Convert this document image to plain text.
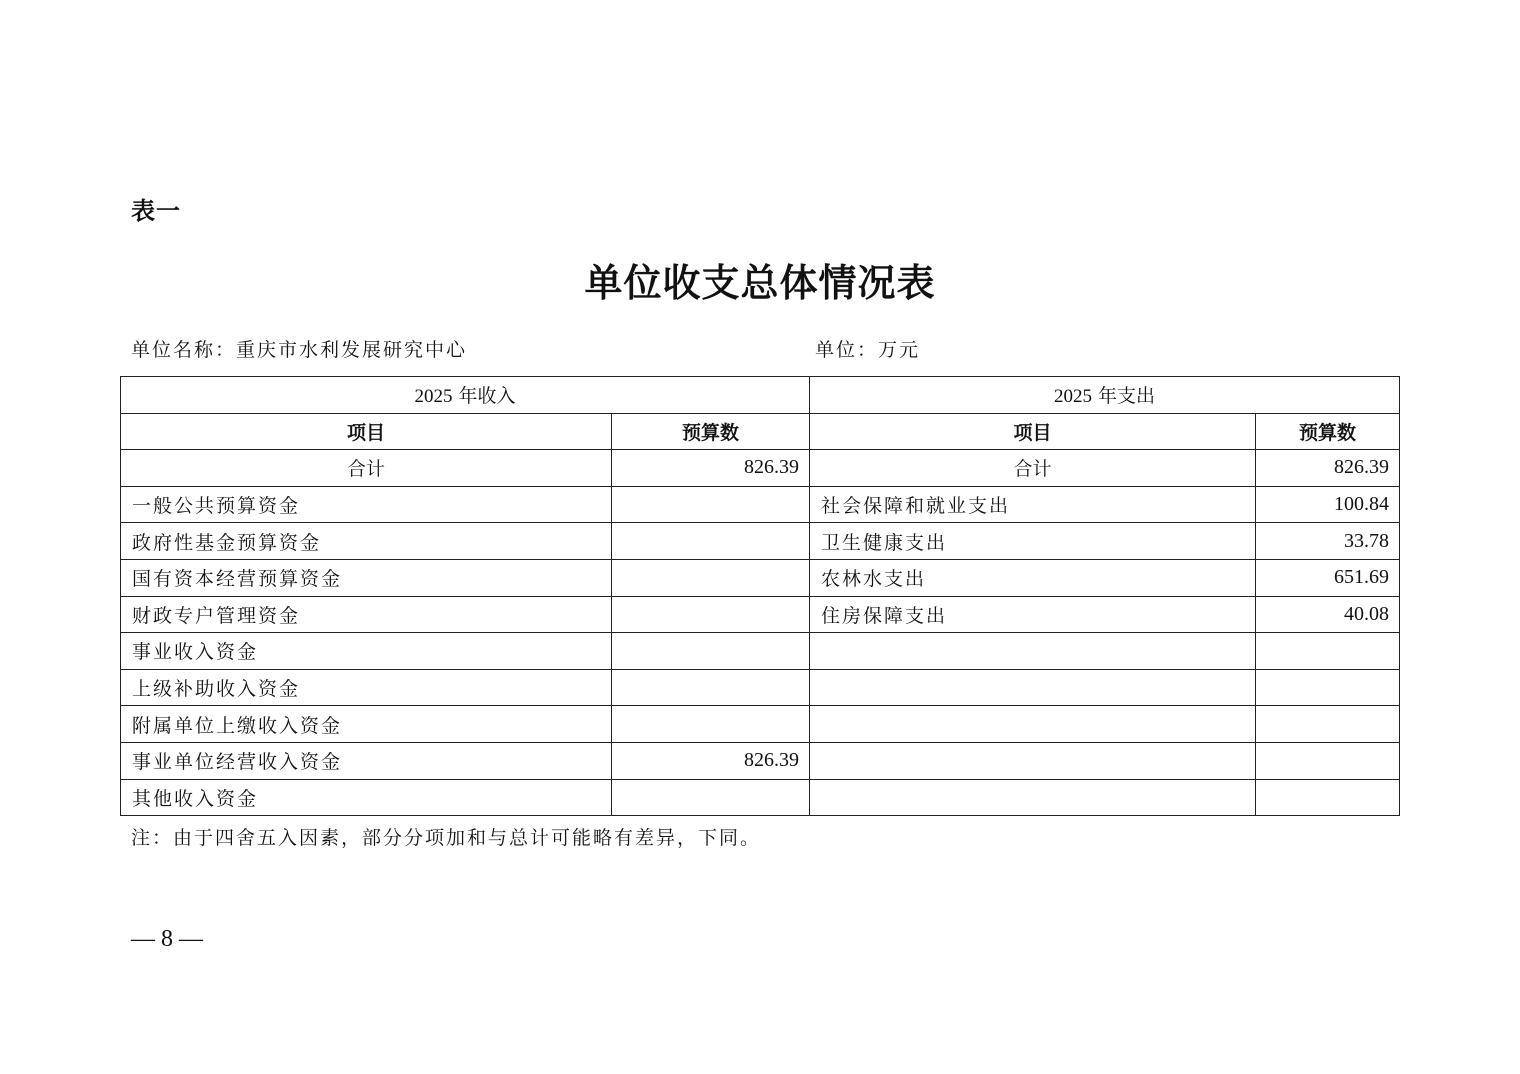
表一
单位收支总体情况表
单位名称：重庆市水利发展研究中心	单位：万元
2025 年收入		2025 年支出	
项目	预算数	项目	预算数
合计	826.39	合计	826.39
一般公共预算资金		社会保障和就业支出	100.84
政府性基金预算资金		卫生健康支出	33.78
国有资本经营预算资金		农林水支出	651.69
财政专户管理资金		住房保障支出	40.08
事业收入资金			
上级补助收入资金			
附属单位上缴收入资金			
事业单位经营收入资金	826.39		
其他收入资金			
注：由于四舍五入因素，部分分项加和与总计可能略有差异，下同。
— 8 —
